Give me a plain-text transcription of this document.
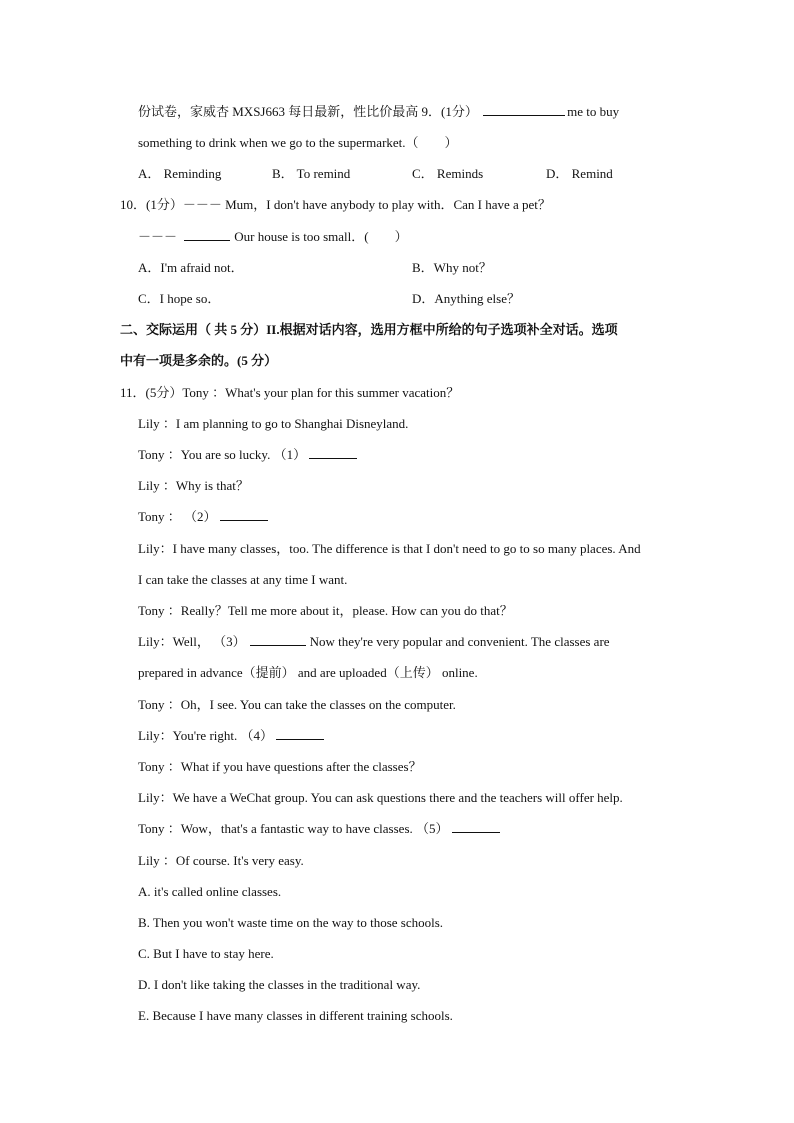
份试卷，家威杏 MXSJ663 每日最新，性比价最高 9．(1分）	me to buy
something to drink when we go to the supermarket.（　　）
A． Reminding	B． To remind	C． Reminds	D． Remind
10．(1分）－－－ Mum，I don't have anybody to play with．Can I have a pet？
－－－	Our house is too small．(　　）
A．I'm afraid not．	B．Why not？
C．I hope so．	D．Anything else？
二、交际运用（ 共 5 分）II.根据对话内容，选用方框中所给的句子选项补全对话。选项
中有一项是多余的。(5 分）
11．(5分）Tony ：What's your plan for this summer vacation？
Lily ：I am planning to go to Shanghai Disneyland.
Tony ：You are so lucky. （1）
Lily ：Why is that？
Tony ： （2）
Lily：I have many classes，too. The difference is that I don't need to go to so many places. And
I can take the classes at any time I want.
Tony ：Really？Tell me more about it，please. How can you do that？
Lily：Well， （3）	Now they're very popular and convenient. The classes are
prepared in advance（提前） and are uploaded（上传） online.
Tony ：Oh，I see. You can take the classes on the computer.
Lily：You're right. （4）
Tony ：What if you have questions after the classes？
Lily：We have a WeChat group. You can ask questions there and the teachers will offer help.
Tony ：Wow，that's a fantastic way to have classes. （5）
Lily ：Of course. It's very easy.
A. it's called online classes.
B. Then you won't waste time on the way to those schools.
C. But I have to stay here.
D. I don't like taking the classes in the traditional way.
E. Because I have many classes in different training schools.
